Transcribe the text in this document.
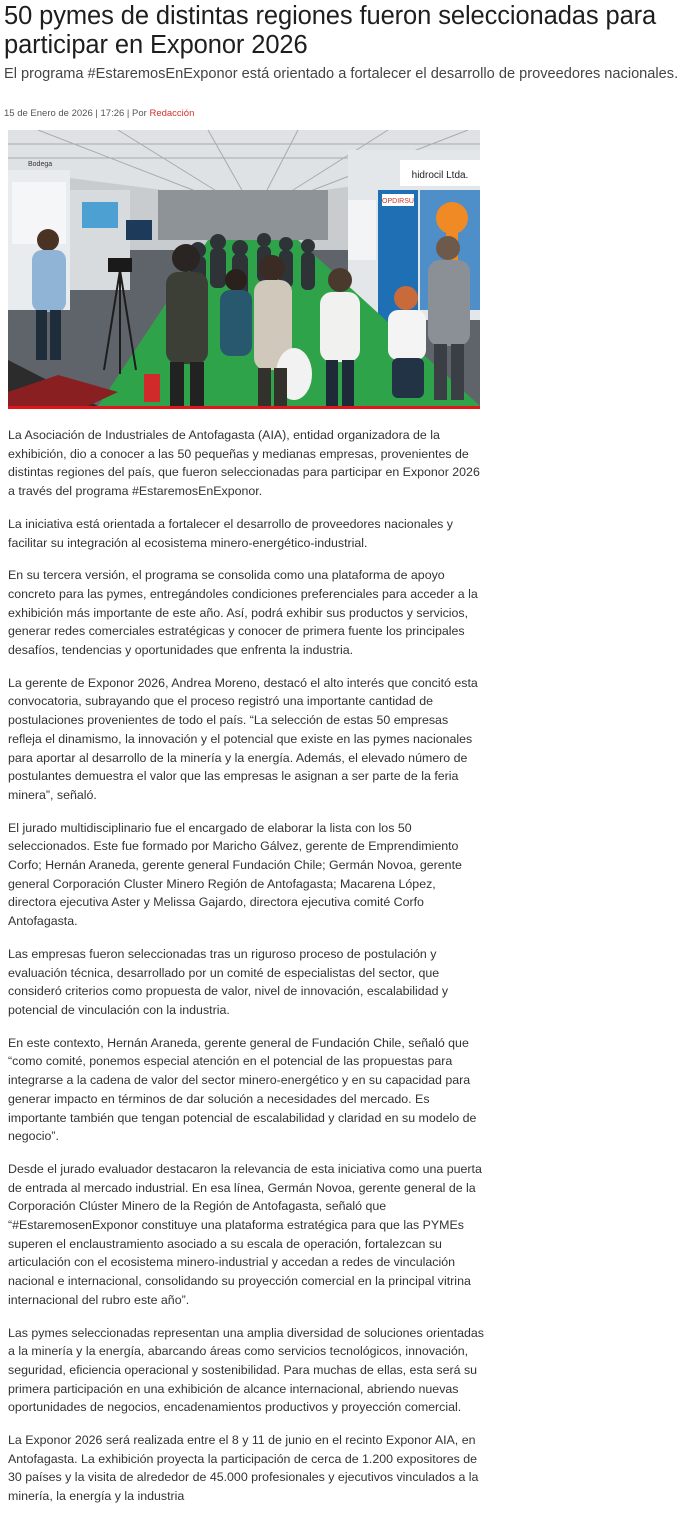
50 pymes de distintas regiones fueron seleccionadas para participar en Exponor 2026

El programa #EstaremosEnExponor está orientado a fortalecer el desarrollo de proveedores nacionales.

15 de Enero de 2026 | 17:26 | Por Redacción
hidrocil Ltda.
OPDIRSU
Bodega

La Asociación de Industriales de Antofagasta (AIA), entidad organizadora de la exhibición, dio a conocer a las 50 pequeñas y medianas empresas, provenientes de distintas regiones del país, que fueron seleccionadas para participar en Exponor 2026 a través del programa #EstaremosEnExponor.

La iniciativa está orientada a fortalecer el desarrollo de proveedores nacionales y facilitar su integración al ecosistema minero-energético-industrial.

En su tercera versión, el programa se consolida como una plataforma de apoyo concreto para las pymes, entregándoles condiciones preferenciales para acceder a la exhibición más importante de este año. Así, podrá exhibir sus productos y servicios, generar redes comerciales estratégicas y conocer de primera fuente los principales desafíos, tendencias y oportunidades que enfrenta la industria.

La gerente de Exponor 2026, Andrea Moreno, destacó el alto interés que concitó esta convocatoria, subrayando que el proceso registró una importante cantidad de postulaciones provenientes de todo el país. “La selección de estas 50 empresas refleja el dinamismo, la innovación y el potencial que existe en las pymes nacionales para aportar al desarrollo de la minería y la energía. Además, el elevado número de postulantes demuestra el valor que las empresas le asignan a ser parte de la feria minera”, señaló.

El jurado multidisciplinario fue el encargado de elaborar la lista con los 50 seleccionados. Este fue formado por Maricho Gálvez, gerente de Emprendimiento Corfo; Hernán Araneda, gerente general Fundación Chile; Germán Novoa, gerente general Corporación Cluster Minero Región de Antofagasta; Macarena López, directora ejecutiva Aster y Melissa Gajardo, directora ejecutiva comité Corfo Antofagasta.

Las empresas fueron seleccionadas tras un riguroso proceso de postulación y evaluación técnica, desarrollado por un comité de especialistas del sector, que consideró criterios como propuesta de valor, nivel de innovación, escalabilidad y potencial de vinculación con la industria.

En este contexto, Hernán Araneda, gerente general de Fundación Chile, señaló que “como comité, ponemos especial atención en el potencial de las propuestas para integrarse a la cadena de valor del sector minero-energético y en su capacidad para generar impacto en términos de dar solución a necesidades del mercado. Es importante también que tengan potencial de escalabilidad y claridad en su modelo de negocio”.

Desde el jurado evaluador destacaron la relevancia de esta iniciativa como una puerta de entrada al mercado industrial. En esa línea, Germán Novoa, gerente general de la Corporación Clúster Minero de la Región de Antofagasta, señaló que “#EstaremosenExponor constituye una plataforma estratégica para que las PYMEs superen el enclaustramiento asociado a su escala de operación, fortalezcan su articulación con el ecosistema minero-industrial y accedan a redes de vinculación nacional e internacional, consolidando su proyección comercial en la principal vitrina internacional del rubro este año”.

Las pymes seleccionadas representan una amplia diversidad de soluciones orientadas a la minería y la energía, abarcando áreas como servicios tecnológicos, innovación, seguridad, eficiencia operacional y sostenibilidad. Para muchas de ellas, esta será su primera participación en una exhibición de alcance internacional, abriendo nuevas oportunidades de negocios, encadenamientos productivos y proyección comercial.

La Exponor 2026 será realizada entre el 8 y 11 de junio en el recinto Exponor AIA, en Antofagasta. La exhibición proyecta la participación de cerca de 1.200 expositores de 30 países y la visita de alrededor de 45.000 profesionales y ejecutivos vinculados a la minería, la energía y la industria
